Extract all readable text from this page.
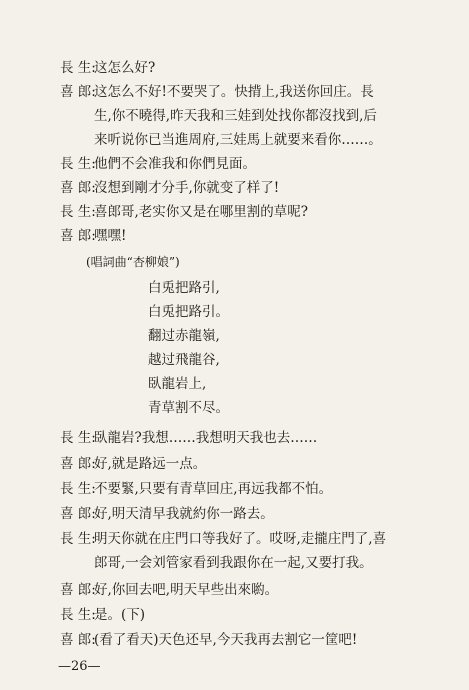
長 生:
这怎么好?
喜 郎:
这怎么不好!不要哭了。快揹上,我送你回庄。長
生,你不曉得,昨天我和三娃到处找你都沒找到,后
来听说你已当進周府,三娃馬上就要来看你……。
長 生:
他們不会准我和你們見面。
喜 郎:
沒想到剛才分手,你就变了样了!
長 生:
喜郎哥,老实你又是在哪里割的草呢?
喜 郎:
嘿嘿!
(唱詞曲“杏柳娘”)
白兎把路引,
白兎把路引。
翻过赤龍嶺,
越过飛龍谷,
臥龍岩上,
青草割不尽。
長 生:
臥龍岩?我想……我想明天我也去……
喜 郎:
好,就是路远一点。
長 生:
不要緊,只要有青草回庄,再远我都不怕。
喜 郎:
好,明天清早我就約你一路去。
長 生:
明天你就在庄門口等我好了。哎呀,走攏庄門了,喜
郎哥,一会刘管家看到我跟你在一起,又要打我。
喜 郎:
好,你回去吧,明天早些出來喲。
長 生:
是。(下)
喜 郎:
(看了看天)天色还早,今天我再去割它一筐吧!
—26—
